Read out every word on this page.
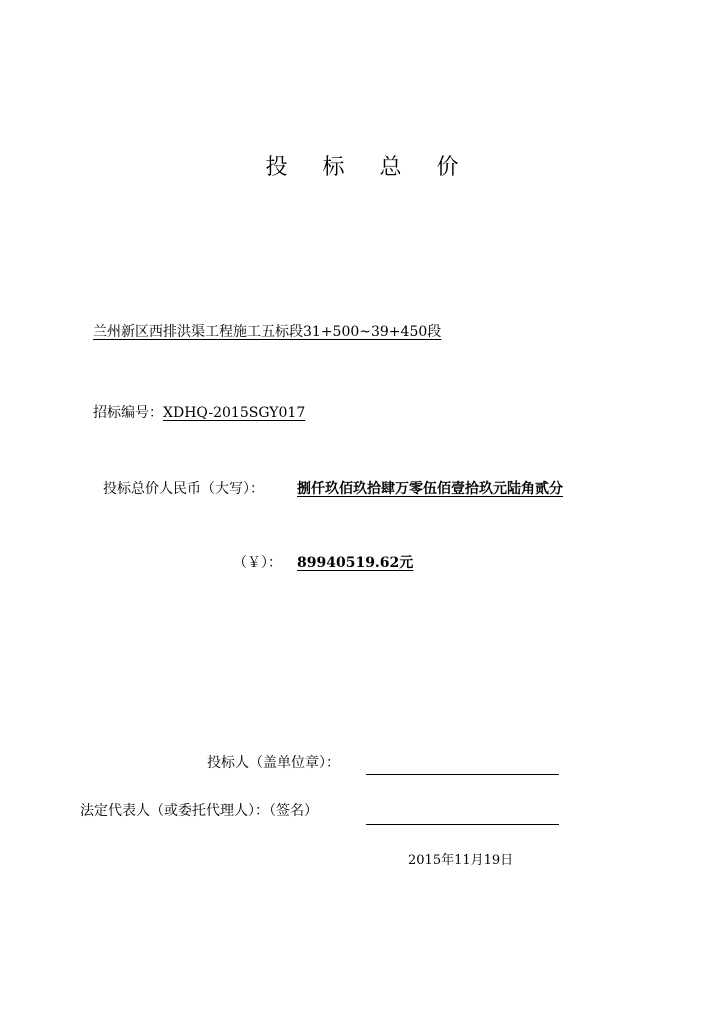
投 标 总 价
兰州新区西排洪渠工程施工五标段31+500~39+450段
招标编号：XDHQ-2015SGY017
投标总价人民币（大写）： 捌仟玖佰玖拾肆万零伍佰壹拾玖元陆角贰分
（￥）： 89940519.62元
投标人（盖单位章）：
法定代表人（或委托代理人）：（签名）
2015年11月19日
